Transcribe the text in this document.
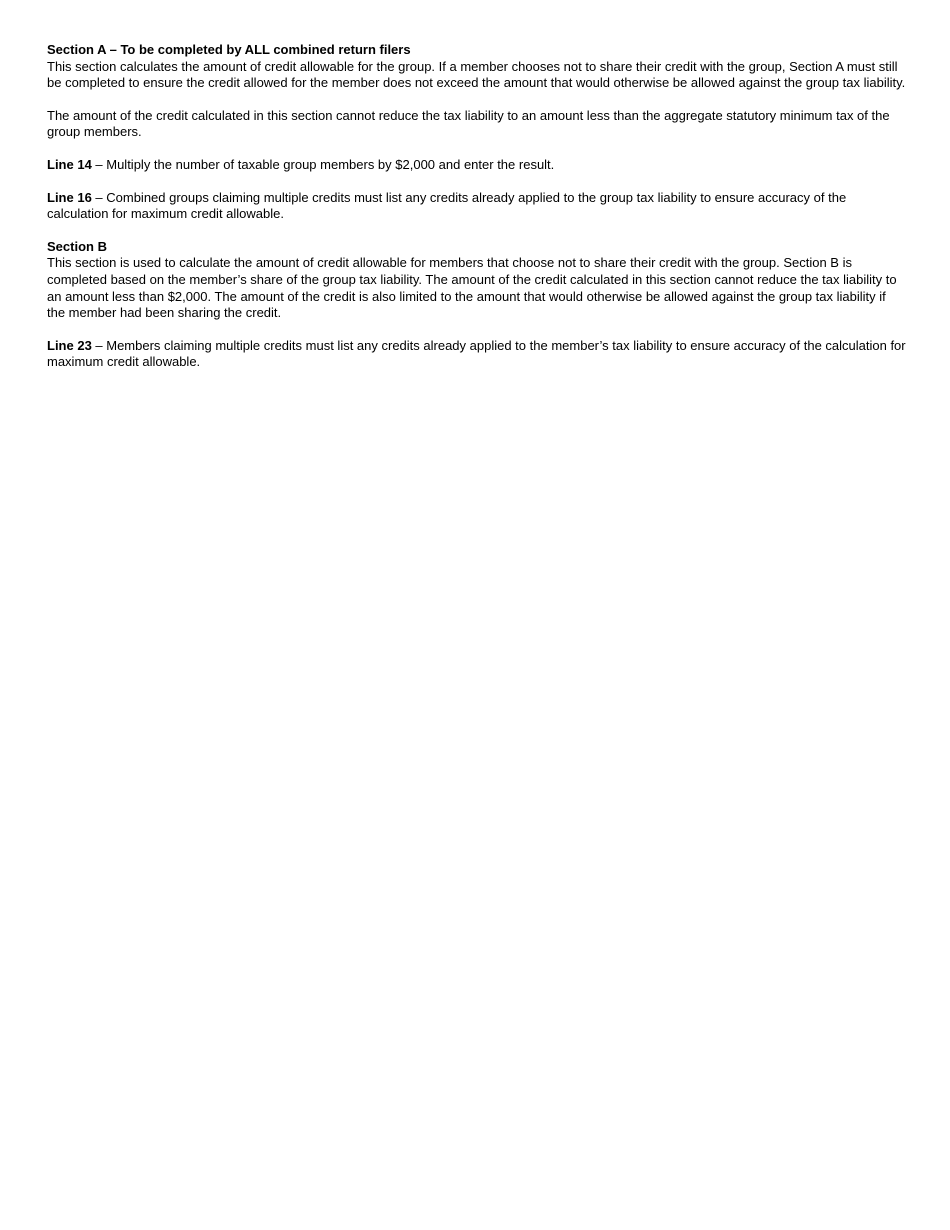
Section A – To be completed by ALL combined return filers

This section calculates the amount of credit allowable for the group. If a member chooses not to share their credit with the group, Section A must still be completed to ensure the credit allowed for the member does not exceed the amount that would otherwise be allowed against the group tax liability.

The amount of the credit calculated in this section cannot reduce the tax liability to an amount less than the aggregate statutory minimum tax of the group members.

Line 14 – Multiply the number of taxable group members by $2,000 and enter the result.

Line 16 – Combined groups claiming multiple credits must list any credits already applied to the group tax liability to ensure accuracy of the calculation for maximum credit allowable.

Section B

This section is used to calculate the amount of credit allowable for members that choose not to share their credit with the group. Section B is completed based on the member’s share of the group tax liability. The amount of the credit calculated in this section cannot reduce the tax liability to an amount less than $2,000. The amount of the credit is also limited to the amount that would otherwise be allowed against the group tax liability if the member had been sharing the credit.

Line 23 – Members claiming multiple credits must list any credits already applied to the member’s tax liability to ensure accuracy of the calculation for maximum credit allowable.
